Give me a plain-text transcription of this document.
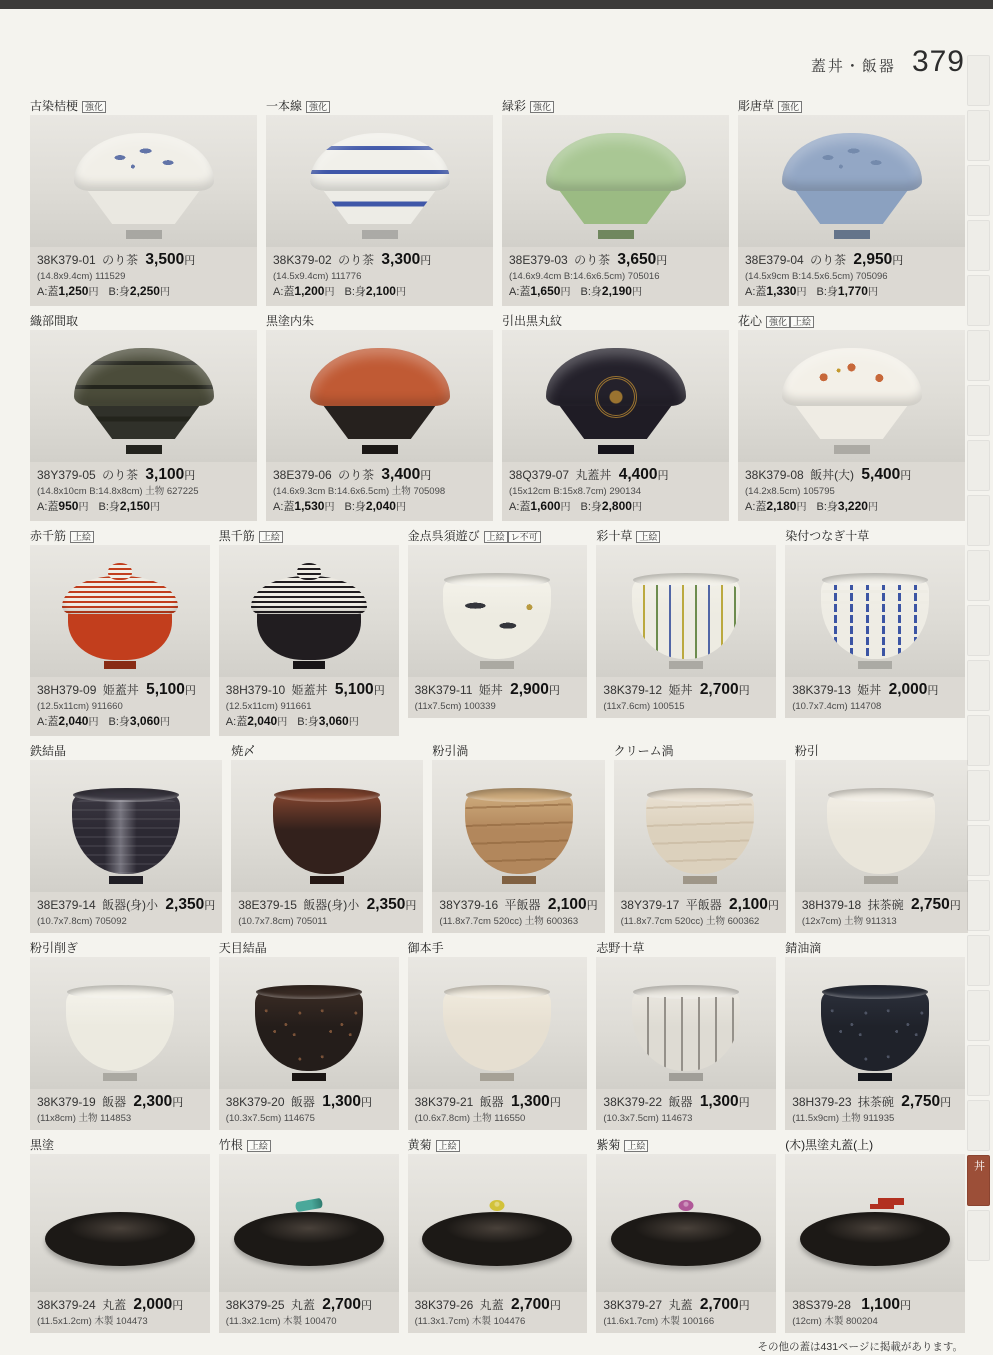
蓋丼・飯器 379
古染桔梗 強化
38K379-01 のり茶 3,500円
(14.8x9.4cm) 111529
A:蓋1,250円 B:身2,250円
一本線 強化
38K379-02 のり茶 3,300円
(14.5x9.4cm) 111776
A:蓋1,200円 B:身2,100円
緑彩 強化
38E379-03 のり茶 3,650円
(14.6x9.4cm B:14.6x6.5cm) 705016
A:蓋1,650円 B:身2,190円
彫唐草 強化
38E379-04 のり茶 2,950円
(14.5x9cm B:14.5x6.5cm) 705096
A:蓋1,330円 B:身1,770円
織部間取
38Y379-05 のり茶 3,100円
(14.8x10cm B:14.8x8cm) 土物 627225
A:蓋950円 B:身2,150円
黒塗内朱
38E379-06 のり茶 3,400円
(14.6x9.3cm B:14.6x6.5cm) 土物 705098
A:蓋1,530円 B:身2,040円
引出黒丸紋
38Q379-07 丸蓋丼 4,400円
(15x12cm B:15x8.7cm) 290134
A:蓋1,600円 B:身2,800円
花心 強化 上絵
38K379-08 飯丼(大) 5,400円
(14.2x8.5cm) 105795
A:蓋2,180円 B:身3,220円
赤千筋 上絵
38H379-09 姫蓋丼 5,100円
(12.5x11cm) 911660
A:蓋2,040円 B:身3,060円
黒千筋 上絵
38H379-10 姫蓋丼 5,100円
(12.5x11cm) 911661
A:蓋2,040円 B:身3,060円
金点呉須遊び 上絵 レ不可
38K379-11 姫丼 2,900円
(11x7.5cm) 100339
彩十草 上絵
38K379-12 姫丼 2,700円
(11x7.6cm) 100515
染付つなぎ十草
38K379-13 姫丼 2,000円
(10.7x7.4cm) 114708
鉄結晶
38E379-14 飯器(身)小 2,350円
(10.7x7.8cm) 705092
焼〆
38E379-15 飯器(身)小 2,350円
(10.7x7.8cm) 705011
粉引渦
38Y379-16 平飯器 2,100円
(11.8x7.7cm 520cc) 土物 600363
クリーム渦
38Y379-17 平飯器 2,100円
(11.8x7.7cm 520cc) 土物 600362
粉引
38H379-18 抹茶碗 2,750円
(12x7cm) 土物 911313
粉引削ぎ
38K379-19 飯器 2,300円
(11x8cm) 土物 114853
天目結晶
38K379-20 飯器 1,300円
(10.3x7.5cm) 114675
御本手
38K379-21 飯器 1,300円
(10.6x7.8cm) 土物 116550
志野十草
38K379-22 飯器 1,300円
(10.3x7.5cm) 114673
錆油滴
38H379-23 抹茶碗 2,750円
(11.5x9cm) 土物 911935
黒塗
38K379-24 丸蓋 2,000円
(11.5x1.2cm) 木製 104473
竹根 上絵
38K379-25 丸蓋 2,700円
(11.3x2.1cm) 木製 100470
黄菊 上絵
38K379-26 丸蓋 2,700円
(11.3x1.7cm) 木製 104476
紫菊 上絵
38K379-27 丸蓋 2,700円
(11.6x1.7cm) 木製 100166
(木)黒塗丸蓋(上)
38S379-28 1,100円
(12cm) 木製 800204
その他の蓋は431ページに掲載があります。
丼
